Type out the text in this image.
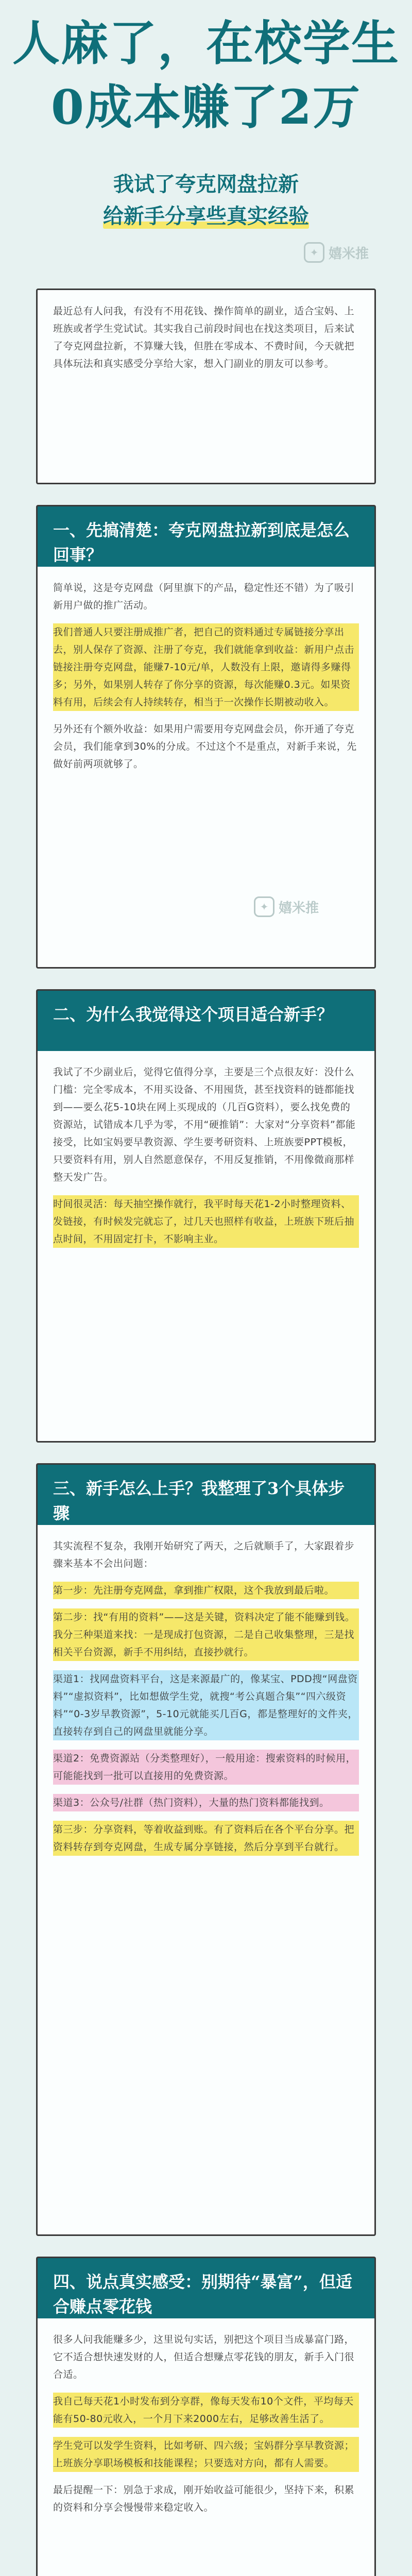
人麻了，在校学生
0成本赚了2万
我试了夸克网盘拉新
给新手分享些真实经验
✦ 嬉米推

最近总有人问我，有没有不用花钱、操作简单的副业，适合宝妈、上班族或者学生党试试。其实我自己前段时间也在找这类项目，后来试了夸克网盘拉新，不算赚大钱，但胜在零成本、不费时间，今天就把具体玩法和真实感受分享给大家，想入门副业的朋友可以参考。

一、先搞清楚：夸克网盘拉新到底是怎么回事？

简单说，这是夸克网盘（阿里旗下的产品，稳定性还不错）为了吸引新用户做的推广活动。

我们普通人只要注册成推广者，把自己的资料通过专属链接分享出去，别人保存了资源、注册了夸克，我们就能拿到收益：新用户点击链接注册夸克网盘，能赚7-10元/单，人数没有上限，邀请得多赚得多；另外，如果别人转存了你分享的资源，每次能赚0.3元。如果资料有用，后续会有人持续转存，相当于一次操作长期被动收入。

另外还有个额外收益：如果用户需要用夸克网盘会员，你开通了夸克会员，我们能拿到30%的分成。不过这个不是重点，对新手来说，先做好前两项就够了。

✦ 嬉米推
二、为什么我觉得这个项目适合新手？

我试了不少副业后，觉得它值得分享，主要是三个点很友好：没什么门槛：完全零成本，不用买设备、不用囤货，甚至找资料的链都能找到——要么花5-10块在网上买现成的（几百G资料），要么找免费的资源站，试错成本几乎为零，不用“硬推销”：大家对“分享资料”都能接受，比如宝妈要早教资源、学生要考研资料、上班族要PPT模板，只要资料有用，别人自然愿意保存，不用反复推销，不用像微商那样整天发广告。

时间很灵活：每天抽空操作就行，我平时每天花1-2小时整理资料、发链接，有时候发完就忘了，过几天也照样有收益，上班族下班后抽点时间，不用固定打卡，不影响主业。

三、新手怎么上手？我整理了3个具体步骤

其实流程不复杂，我刚开始研究了两天，之后就顺手了，大家跟着步骤来基本不会出问题：

第一步：先注册夸克网盘，拿到推广权限，这个我放到最后啦。

第二步：找“有用的资料”——这是关键，资料决定了能不能赚到钱。我分三种渠道来找：一是现成打包资源，二是自己收集整理，三是找相关平台资源，新手不用纠结，直接抄就行。

渠道1：找网盘资料平台，这是来源最广的，像某宝、PDD搜“网盘资料”“虚拟资料”，比如想做学生党，就搜“考公真题合集”“四六级资料”“0-3岁早教资源”，5-10元就能买几百G，都是整理好的文件夹，直接转存到自己的网盘里就能分享。

渠道2：免费资源站（分类整理好），一般用途：搜索资料的时候用，可能能找到一批可以直接用的免费资源。

渠道3：公众号/社群（热门资料），大量的热门资料都能找到。

第三步：分享资料，等着收益到账。有了资料后在各个平台分享。把资料转存到夸克网盘，生成专属分享链接，然后分享到平台就行。

四、说点真实感受：别期待“暴富”，但适合赚点零花钱

很多人问我能赚多少，这里说句实话，别把这个项目当成暴富门路，它不适合想快速发财的人，但适合想赚点零花钱的朋友，新手入门很合适。

我自己每天花1小时发布到分享群，像每天发布10个文件，平均每天能有50-80元收入，一个月下来2000左右，足够改善生活了。

学生党可以发学生资料，比如考研、四六级；宝妈群分享早教资源；上班族分享职场模板和技能课程；只要选对方向，都有人需要。

最后提醒一下：别急于求成，刚开始收益可能很少，坚持下来，积累的资料和分享会慢慢带来稳定收入。
